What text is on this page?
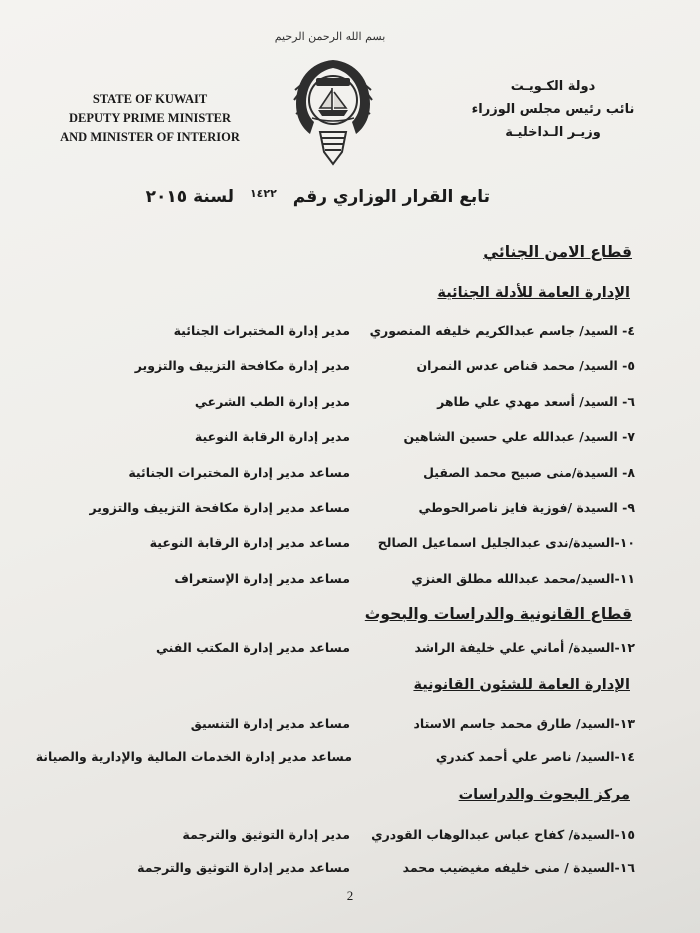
بسم الله الرحمن الرحيم
STATE OF KUWAIT
DEPUTY PRIME MINISTER
AND MINISTER OF INTERIOR
دولة الكـويـت
نائب رئيس مجلس الوزراء
وزيـر الـداخليـة
تابع القرار الوزاري رقم $^{١٤٢٢}$ لسنة ٢٠١٥
قطاع الامن الجنائي
الإدارة العامة للأدلة الجنائية
٤- السيد/ جاسم عبدالكريم خليفه المنصوري
مدير إدارة المختبرات الجنائية
٥- السيد/ محمد قناص عدس النمران
مدير إدارة مكافحة التزييف والتزوير
٦- السيد/ أسعد مهدي علي طاهر
مدير إدارة الطب الشرعي
٧- السيد/ عبدالله علي حسين الشاهين
مدير إدارة الرقابة النوعية
٨- السيدة/منى صبيح محمد الصقيل
مساعد مدير إدارة المختبرات الجنائية
٩- السيدة /فوزية فايز ناصرالحوطي
مساعد مدير إدارة مكافحة التزييف والتزوير
١٠-السيدة/ندى عبدالجليل اسماعيل الصالح
مساعد مدير إدارة الرقابة النوعية
١١-السيد/محمد عبدالله مطلق العنزي
مساعد مدير إدارة الإستعراف
قطاع القانونية والدراسات والبحوث
١٢-السيدة/ أماني علي خليفة الراشد
مساعد مدير إدارة المكتب الفني
الإدارة العامة للشئون القانونية
١٣-السيد/ طارق محمد جاسم الاستاد
مساعد مدير إدارة التنسيق
١٤-السيد/ ناصر علي أحمد كندري
مساعد مدير إدارة الخدمات المالية والإدارية والصيانة
مركز البحوث والدراسات
١٥-السيدة/ كفاح عباس عبدالوهاب القودري
مدير إدارة التوثيق والترجمة
١٦-السيدة / منى خليفه مغيضيب محمد
مساعد مدير إدارة التوثيق والترجمة
2
